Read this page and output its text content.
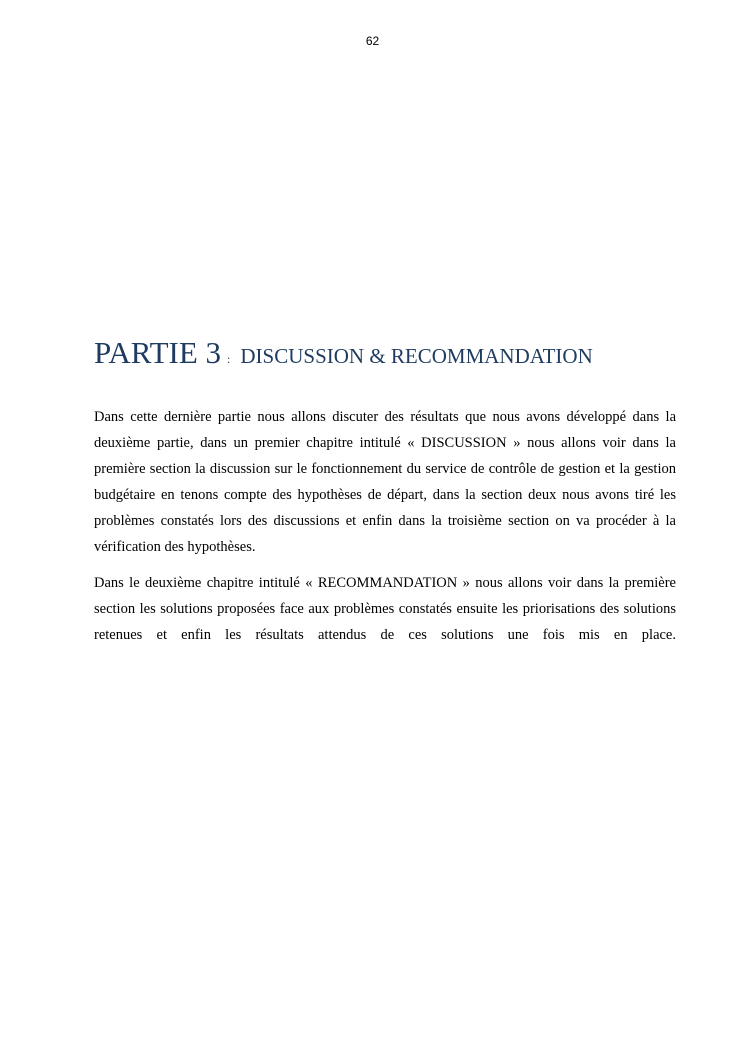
62
PARTIE 3 : DISCUSSION & RECOMMANDATION

Dans cette dernière partie nous allons discuter des résultats que nous avons développé dans la deuxième partie, dans un premier chapitre intitulé « DISCUSSION » nous allons voir dans la première section la discussion sur le fonctionnement du service de contrôle de gestion et la gestion budgétaire en tenons compte des hypothèses de départ, dans la section deux nous avons tiré les problèmes constatés lors des discussions et enfin dans la troisième section on va procéder à la vérification des hypothèses.

Dans le deuxième chapitre intitulé « RECOMMANDATION » nous allons voir dans la première section les solutions proposées face aux problèmes constatés ensuite les priorisations des solutions retenues et enfin les résultats attendus de ces solutions une fois mis en place.
